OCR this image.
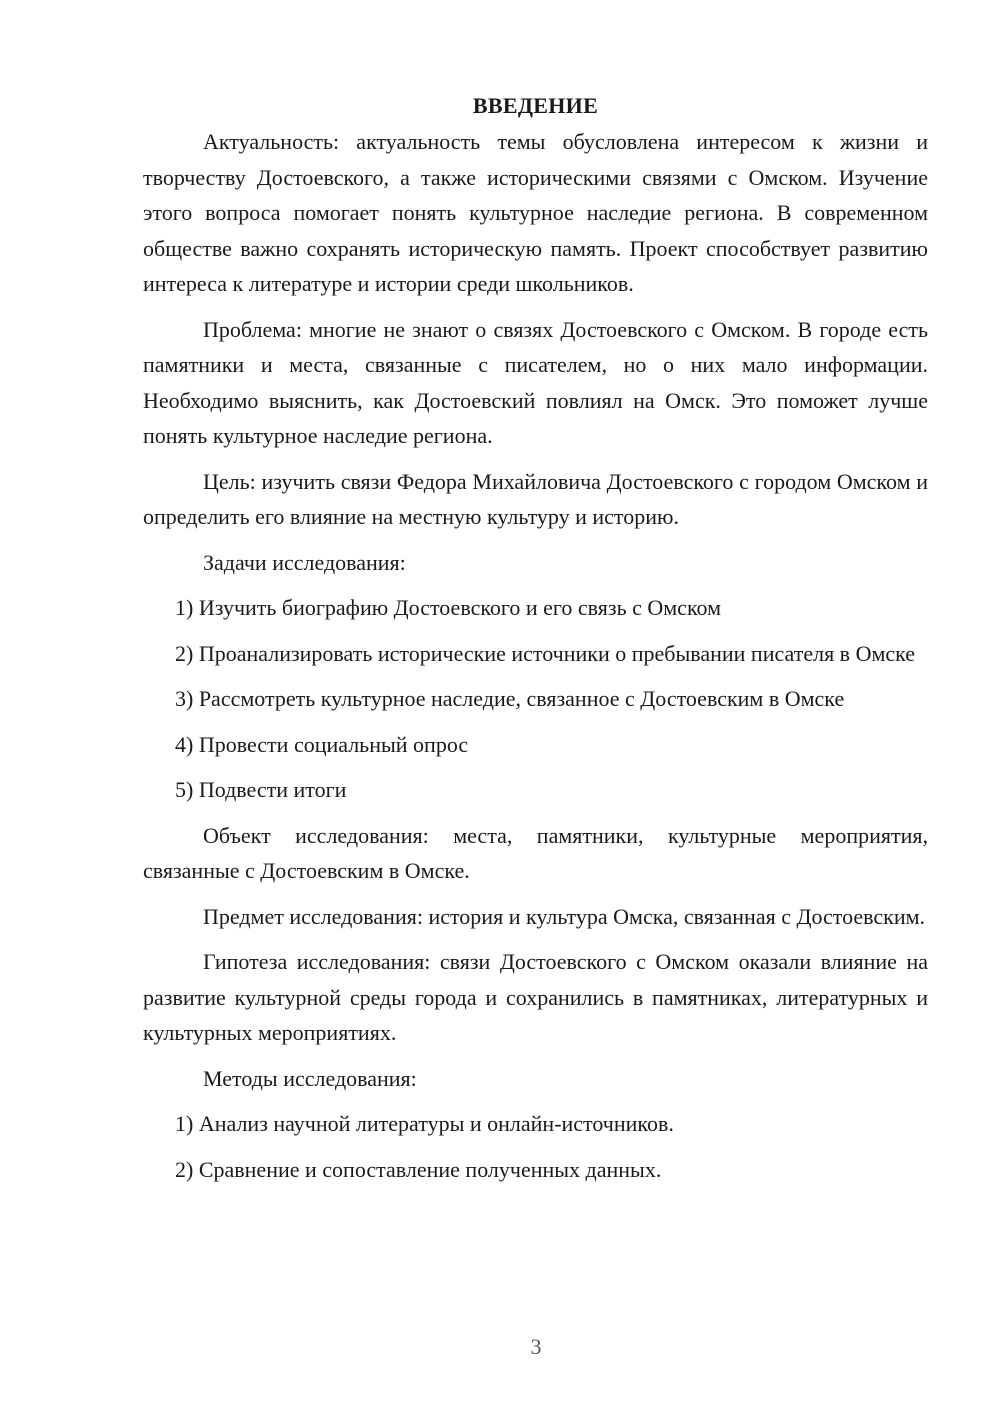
ВВЕДЕНИЕ

Актуальность: актуальность темы обусловлена интересом к жизни и творчеству Достоевского, а также историческими связями с Омском. Изучение этого вопроса помогает понять культурное наследие региона. В современном обществе важно сохранять историческую память. Проект способствует развитию интереса к литературе и истории среди школьников.

Проблема: многие не знают о связях Достоевского с Омском. В городе есть памятники и места, связанные с писателем, но о них мало информации. Необходимо выяснить, как Достоевский повлиял на Омск. Это поможет лучше понять культурное наследие региона.

Цель: изучить связи Федора Михайловича Достоевского с городом Омском и определить его влияние на местную культуру и историю.

Задачи исследования:

1) Изучить биографию Достоевского и его связь с Омском

2) Проанализировать исторические источники о пребывании писателя в Омске

3) Рассмотреть культурное наследие, связанное с Достоевским в Омске

4) Провести социальный опрос

5) Подвести итоги

Объект исследования: места, памятники, культурные мероприятия, связанные с Достоевским в Омске.

Предмет исследования: история и культура Омска, связанная с Достоевским.

Гипотеза исследования: связи Достоевского с Омском оказали влияние на развитие культурной среды города и сохранились в памятниках, литературных и культурных мероприятиях.

Методы исследования:

1) Анализ научной литературы и онлайн-источников.

2) Сравнение и сопоставление полученных данных.

3
